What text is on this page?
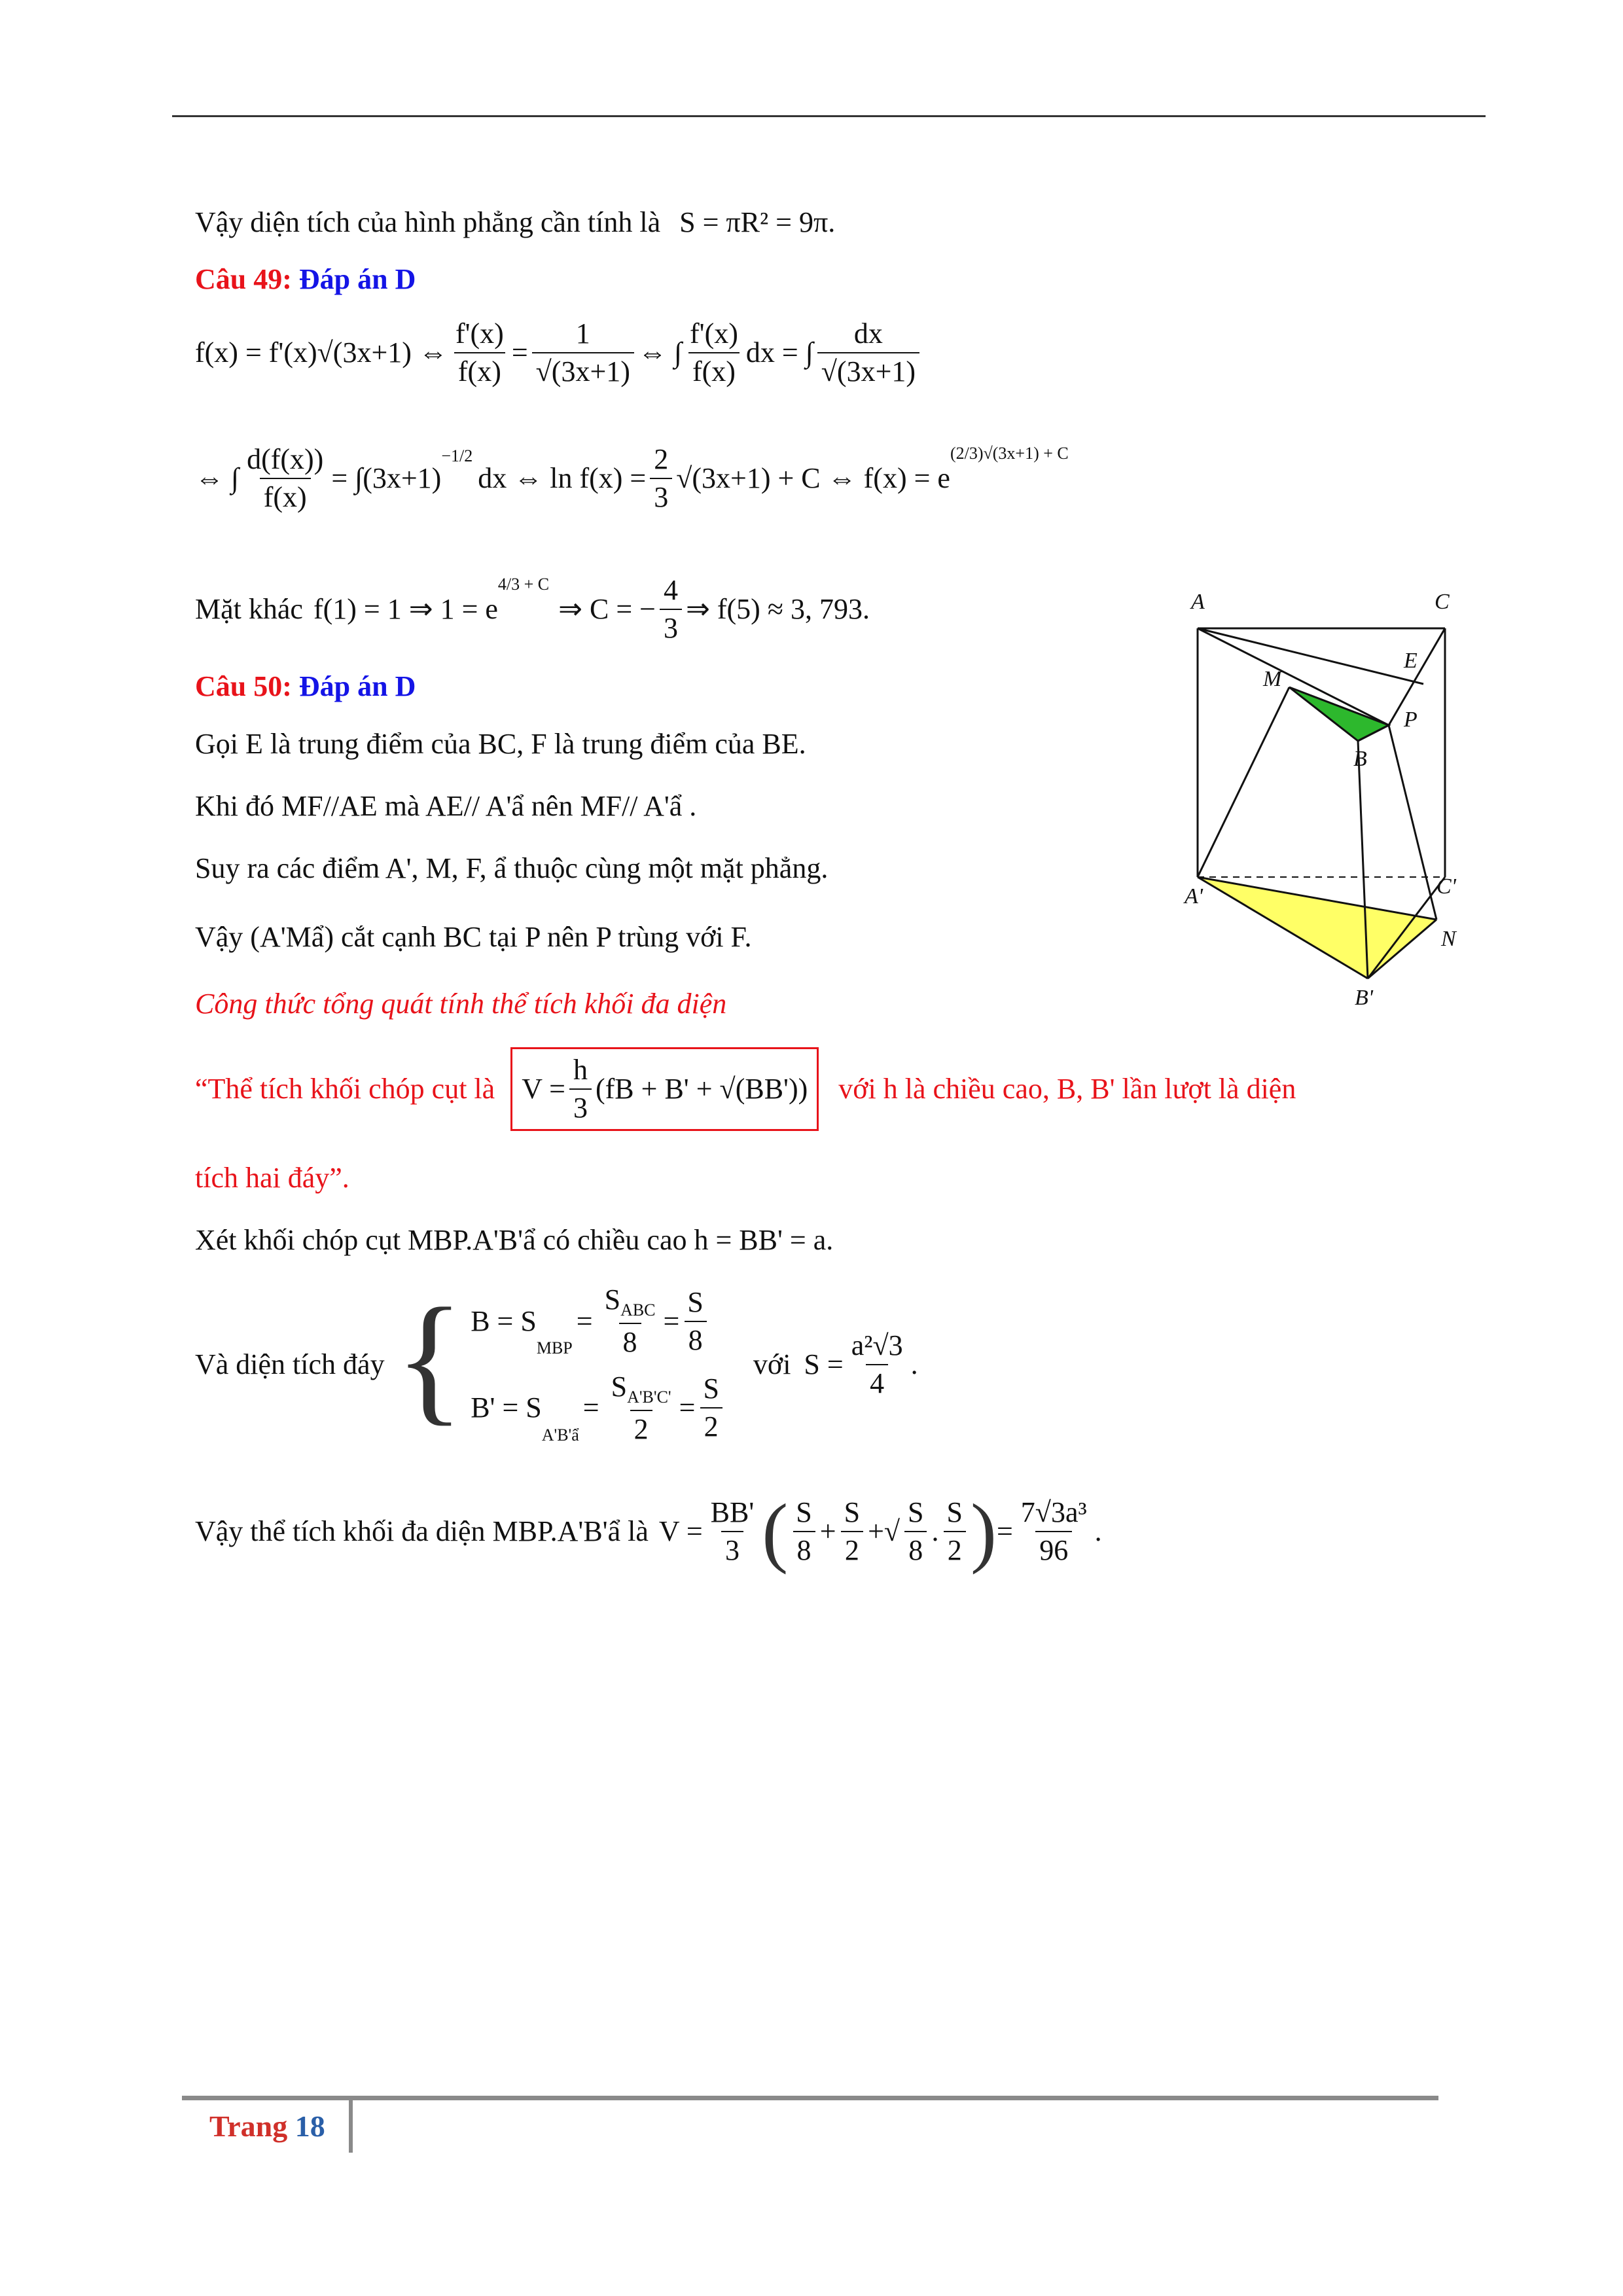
Vậy diện tích của hình phẳng cần tính là S = πR² = 9π.
Câu 49: Đáp án D
f(x) = f'(x)√(3x+1) ⇔ $\frac{f'(x)}{f(x)} = \frac{1}{√(3x+1)}$ ⇔ ∫ $\frac{f'(x)}{f(x)}$ dx = ∫ $\frac{dx}{√(3x+1)}$
⇔ ∫ $\frac{d(f(x))}{f(x)} = \int(3x+1)$
$^{-1/2}$
dx ⇔ $\ln f(x) = \frac{2}{3} √(3x+1) + C$ ⇔ f(x) = e
(2/3)√(3x+1) + C
Mặt khác f(1) = 1 ⇒ 1 = e
4/3 + C
⇒ C = − $\frac{4}{3}$ ⇒ f(5) ≈ 3, 793.
Câu 50: Đáp án D
Gọi E là trung điểm của BC, F là trung điểm của BE.
Khi đó MF//AE mà AE// A'ẩ nên MF// A'ẩ .
Suy ra các điểm A', M, F, ẩ thuộc cùng một mặt phẳng.
Vậy (A'Mẩ) cắt cạnh BC tại P nên P trùng với F.
Công thức tổng quát tính thể tích khối đa diện
“Thể tích khối chóp cụt là $V = \frac{h}{3} (fB + B' + √(BB'))$ với h là chiều cao, B, B' lần lượt là diện
tích hai đáy”.
Xét khối chóp cụt MBP.A'B'ẩ có chiều cao h = BB' = a.
Và diện tích đáy { B = S
MBP
= $\frac{S_{ABC}}{8} = \frac{S}{8}$
B' = S
A'B'ẩ
= $\frac{S_{A'B'C'}}{2} = \frac{S}{2}$
với $S = \frac{\text{a²√3}}{4}$ .
Vậy thể tích khối đa diện MBP.A'B'ẩ là $V = \frac{BB'}{3}$ ( $\frac{S}{8} + \frac{S}{2}$ +√ $\frac{S}{8}$ . $\frac{S}{2}$ ) = $\frac{\text{7√3a³}}{96}$ .
A	C
E
M
P
B
A'	C'
N
B'
Trang 18
